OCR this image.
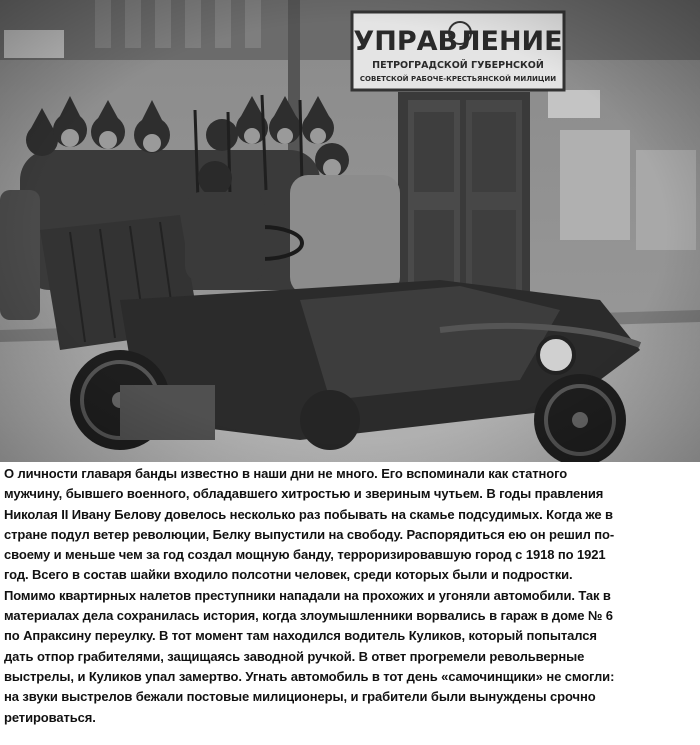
О личности главаря банды известно в наши дни не много. Его вспоминали как статного
мужчину, бывшего военного, обладавшего хитростью и звериным чутьем. В годы правления
Николая II Ивану Белову довелось несколько раз побывать на скамье подсудимых. Когда же в
стране подул ветер революции, Белку выпустили на свободу. Распорядиться ею он решил по-
своему и меньше чем за год создал мощную банду, терроризировавшую город с 1918 по 1921
год. Всего в состав шайки входило полсотни человек, среди которых были и подростки.
Помимо квартирных налетов преступники нападали на прохожих и угоняли автомобили. Так в
материалах дела сохранилась история, когда злоумышленники ворвались в гараж в доме № 6
по Апраксину переулку. В тот момент там находился водитель Куликов, который попытался
дать отпор грабителями, защищаясь заводной ручкой. В ответ прогремели револьверные
выстрелы, и Куликов упал замертво. Угнать автомобиль в тот день «самочинщики» не смогли:
на звуки выстрелов бежали постовые милиционеры, и грабители были вынуждены срочно
ретироваться.
